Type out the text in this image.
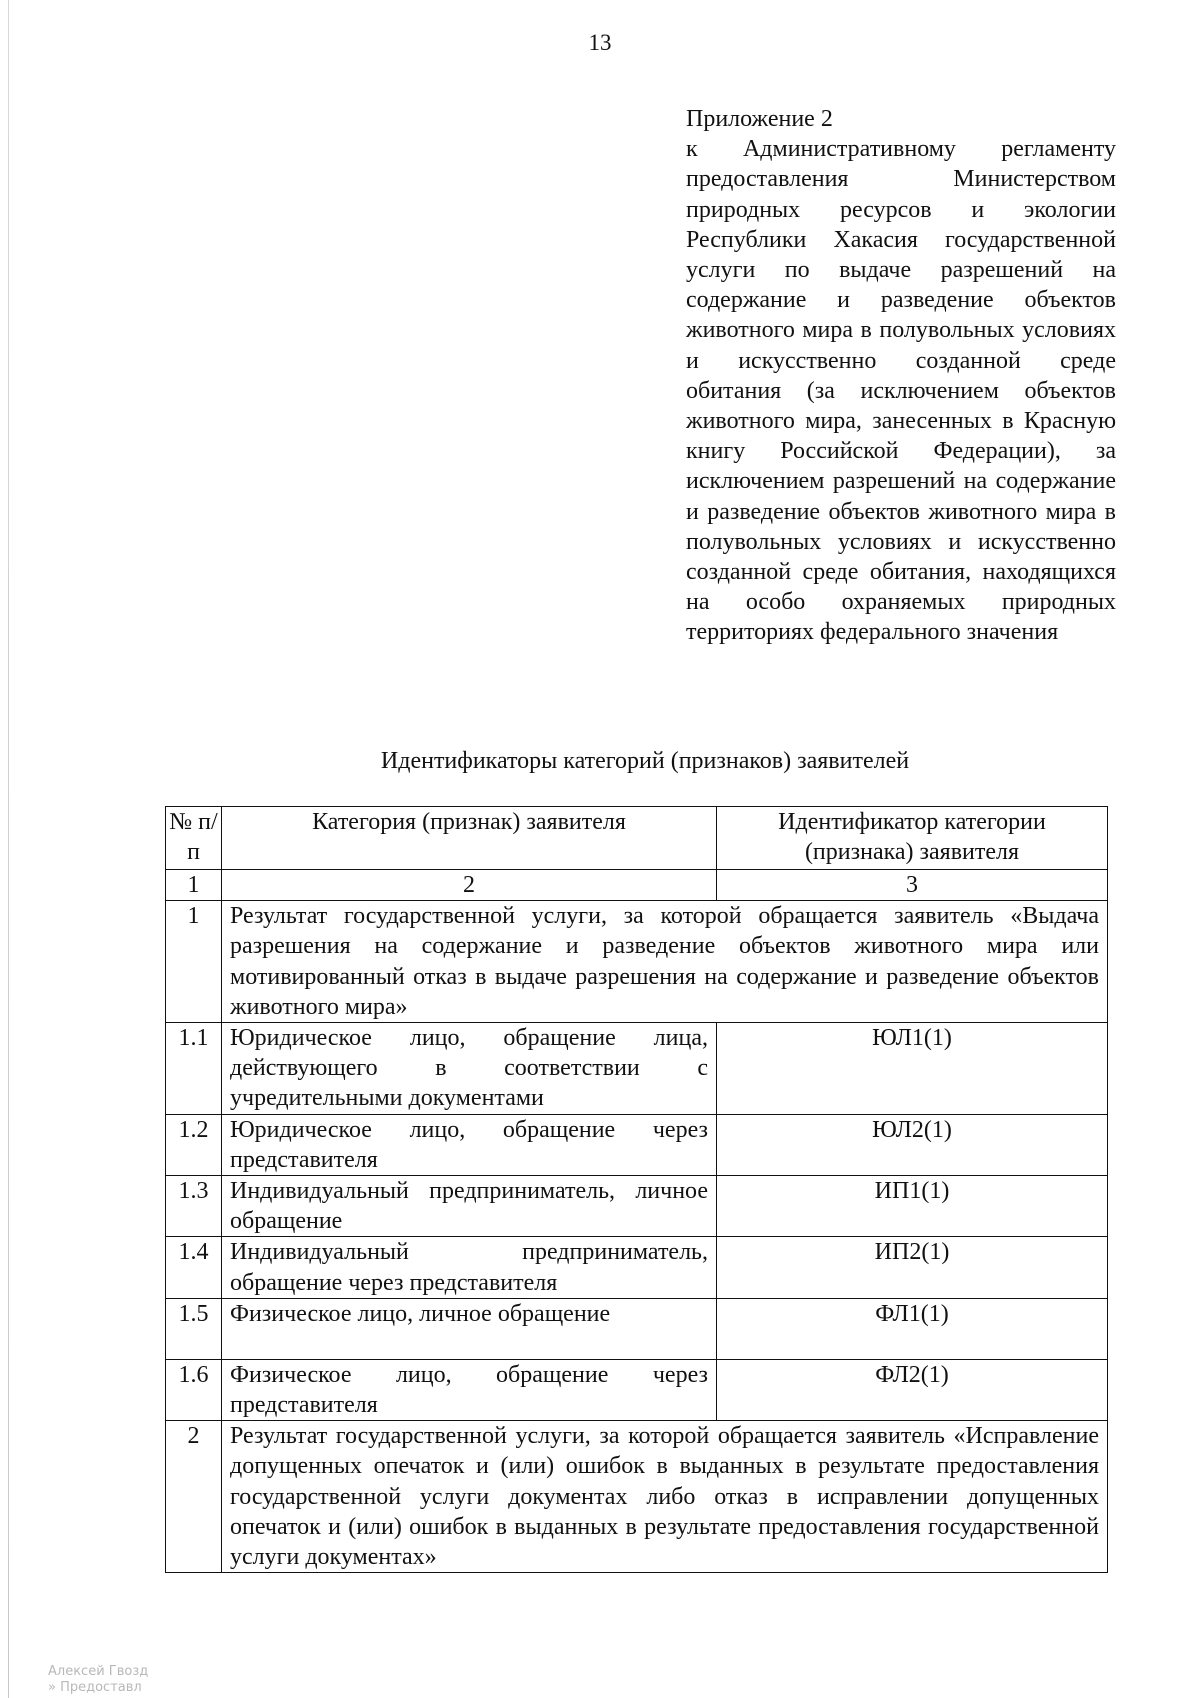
13
Приложение 2
к Административному регламенту предоставления Министерством природных ресурсов и экологии Республики Хакасия государственной услуги по выдаче разрешений на содержание и разведение объектов животного мира в полувольных условиях и искусственно созданной среде обитания (за исключением объектов животного мира, занесенных в Красную книгу Российской Федерации), за исключением разрешений на содержание и разведение объектов животного мира в полувольных условиях и искусственно созданной среде обитания, находящихся на особо охраняемых природных территориях федерального значения
Идентификаторы категорий (признаков) заявителей
№ п/п	Категория (признак) заявителя	Идентификатор категории (признака) заявителя
1	2	3
1	Результат государственной услуги, за которой обращается заявитель «Выдача разрешения на содержание и разведение объектов животного мира или мотивированный отказ в выдаче разрешения на содержание и разведение объектов животного мира»	
1.1	Юридическое лицо, обращение лица, действующего в соответствии с учредительными документами	ЮЛ1(1)
1.2	Юридическое лицо, обращение через представителя	ЮЛ2(1)
1.3	Индивидуальный предприниматель, личное обращение	ИП1(1)
1.4	Индивидуальный предприниматель, обращение через представителя	ИП2(1)
1.5	Физическое лицо, личное обращение	ФЛ1(1)
1.6	Физическое лицо, обращение через представителя	ФЛ2(1)
2	Результат государственной услуги, за которой обращается заявитель «Исправление допущенных опечаток и (или) ошибок в выданных в результате предоставления государственной услуги документах либо отказ в исправлении допущенных опечаток и (или) ошибок в выданных в результате предоставления государственной услуги документах»	
Алексей Гвозд
» Предоставл
